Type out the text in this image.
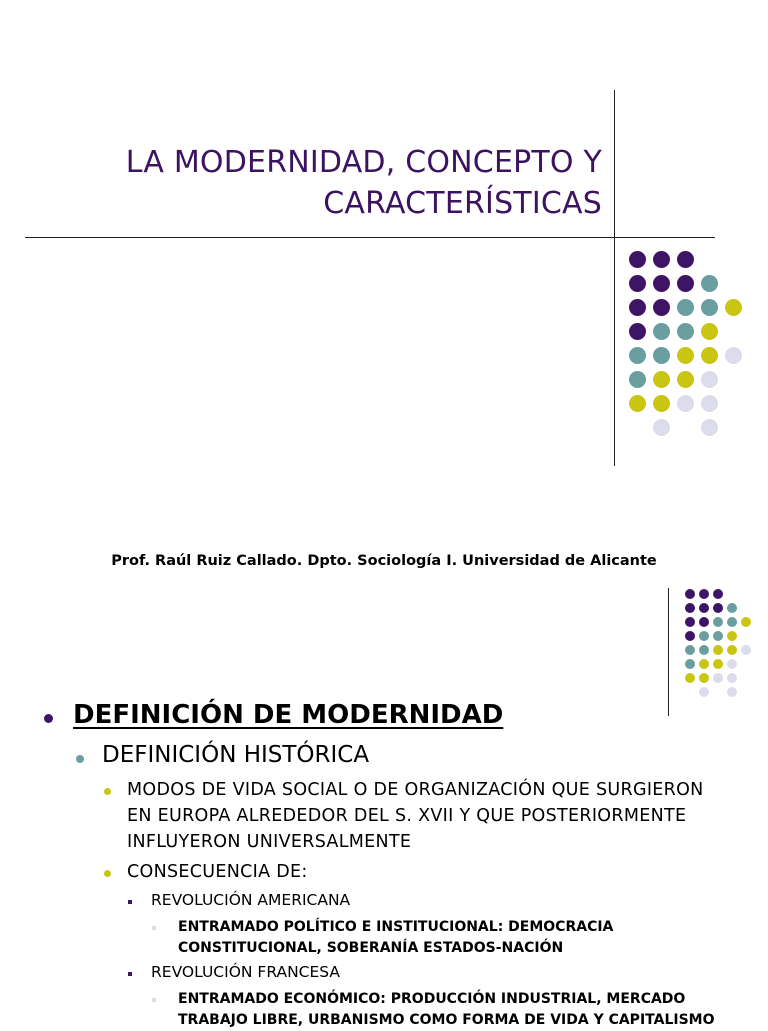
LA MODERNIDAD, CONCEPTO Y
CARACTERÍSTICAS
Prof. Raúl Ruiz Callado. Dpto. Sociología I. Universidad de Alicante
DEFINICIÓN DE MODERNIDAD
DEFINICIÓN HISTÓRICA
MODOS DE VIDA SOCIAL O DE ORGANIZACIÓN QUE SURGIERON
EN EUROPA ALREDEDOR DEL S. XVII Y QUE POSTERIORMENTE
INFLUYERON UNIVERSALMENTE
CONSECUENCIA DE:
REVOLUCIÓN AMERICANA
ENTRAMADO POLÍTICO E INSTITUCIONAL: DEMOCRACIA
CONSTITUCIONAL, SOBERANÍA ESTADOS-NACIÓN
REVOLUCIÓN FRANCESA
ENTRAMADO ECONÓMICO: PRODUCCIÓN INDUSTRIAL, MERCADO
TRABAJO LIBRE, URBANISMO COMO FORMA DE VIDA Y CAPITALISMO
